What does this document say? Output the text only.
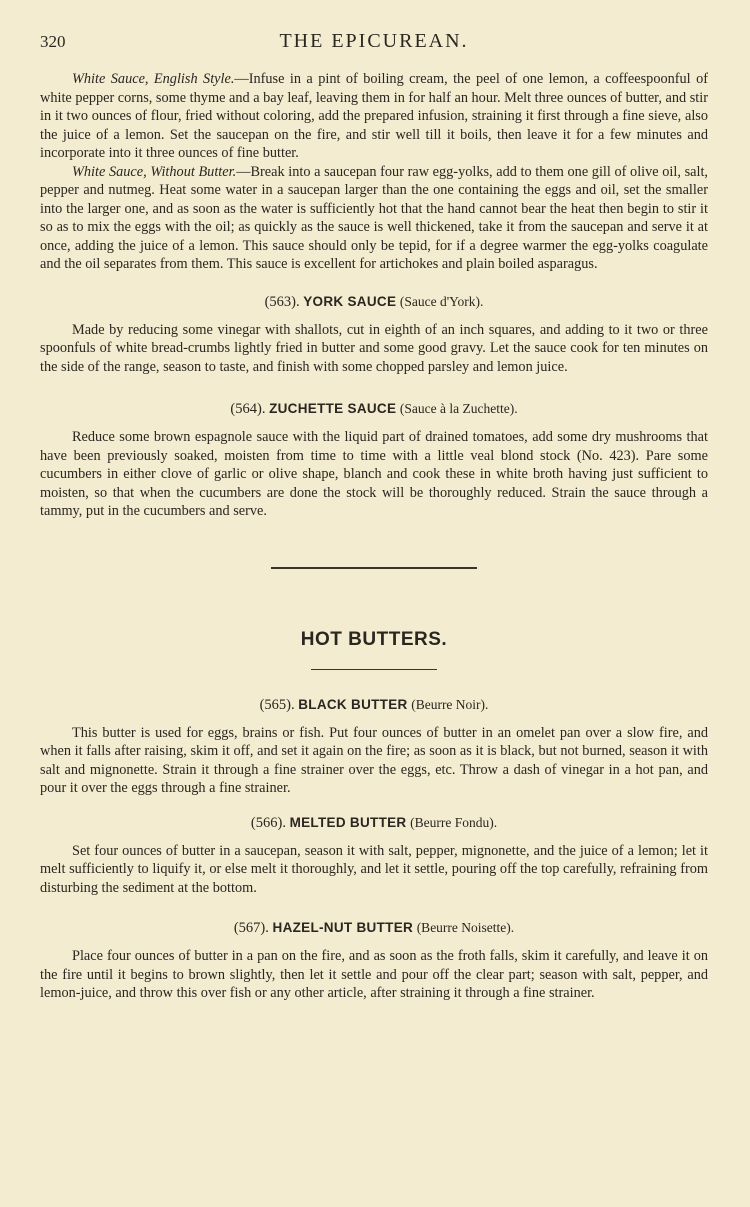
320	THE EPICUREAN.

White Sauce, English Style.—Infuse in a pint of boiling cream, the peel of one lemon, a coffeespoonful of white pepper corns, some thyme and a bay leaf, leaving them in for half an hour. Melt three ounces of butter, and stir in it two ounces of flour, fried without coloring, add the prepared infusion, straining it first through a fine sieve, also the juice of a lemon. Set the saucepan on the fire, and stir well till it boils, then leave it for a few minutes and incorporate into it three ounces of fine butter.

White Sauce, Without Butter.—Break into a saucepan four raw egg-yolks, add to them one gill of olive oil, salt, pepper and nutmeg. Heat some water in a saucepan larger than the one containing the eggs and oil, set the smaller into the larger one, and as soon as the water is sufficiently hot that the hand cannot bear the heat then begin to stir it so as to mix the eggs with the oil; as quickly as the sauce is well thickened, take it from the saucepan and serve it at once, adding the juice of a lemon. This sauce should only be tepid, for if a degree warmer the egg-yolks coagulate and the oil separates from them. This sauce is excellent for artichokes and plain boiled asparagus.

(563). YORK SAUCE (Sauce d'York).

Made by reducing some vinegar with shallots, cut in eighth of an inch squares, and adding to it two or three spoonfuls of white bread-crumbs lightly fried in butter and some good gravy. Let the sauce cook for ten minutes on the side of the range, season to taste, and finish with some chopped parsley and lemon juice.

(564). ZUCHETTE SAUCE (Sauce à la Zuchette).

Reduce some brown espagnole sauce with the liquid part of drained tomatoes, add some dry mushrooms that have been previously soaked, moisten from time to time with a little veal blond stock (No. 423). Pare some cucumbers in either clove of garlic or olive shape, blanch and cook these in white broth having just sufficient to moisten, so that when the cucumbers are done the stock will be thoroughly reduced. Strain the sauce through a tammy, put in the cucumbers and serve.

HOT BUTTERS.
(565). BLACK BUTTER (Beurre Noir).

This butter is used for eggs, brains or fish. Put four ounces of butter in an omelet pan over a slow fire, and when it falls after raising, skim it off, and set it again on the fire; as soon as it is black, but not burned, season it with salt and mignonette. Strain it through a fine strainer over the eggs, etc. Throw a dash of vinegar in a hot pan, and pour it over the eggs through a fine strainer.

(566). MELTED BUTTER (Beurre Fondu).

Set four ounces of butter in a saucepan, season it with salt, pepper, mignonette, and the juice of a lemon; let it melt sufficiently to liquify it, or else melt it thoroughly, and let it settle, pouring off the top carefully, refraining from disturbing the sediment at the bottom.

(567). HAZEL-NUT BUTTER (Beurre Noisette).

Place four ounces of butter in a pan on the fire, and as soon as the froth falls, skim it carefully, and leave it on the fire until it begins to brown slightly, then let it settle and pour off the clear part; season with salt, pepper, and lemon-juice, and throw this over fish or any other article, after straining it through a fine strainer.
